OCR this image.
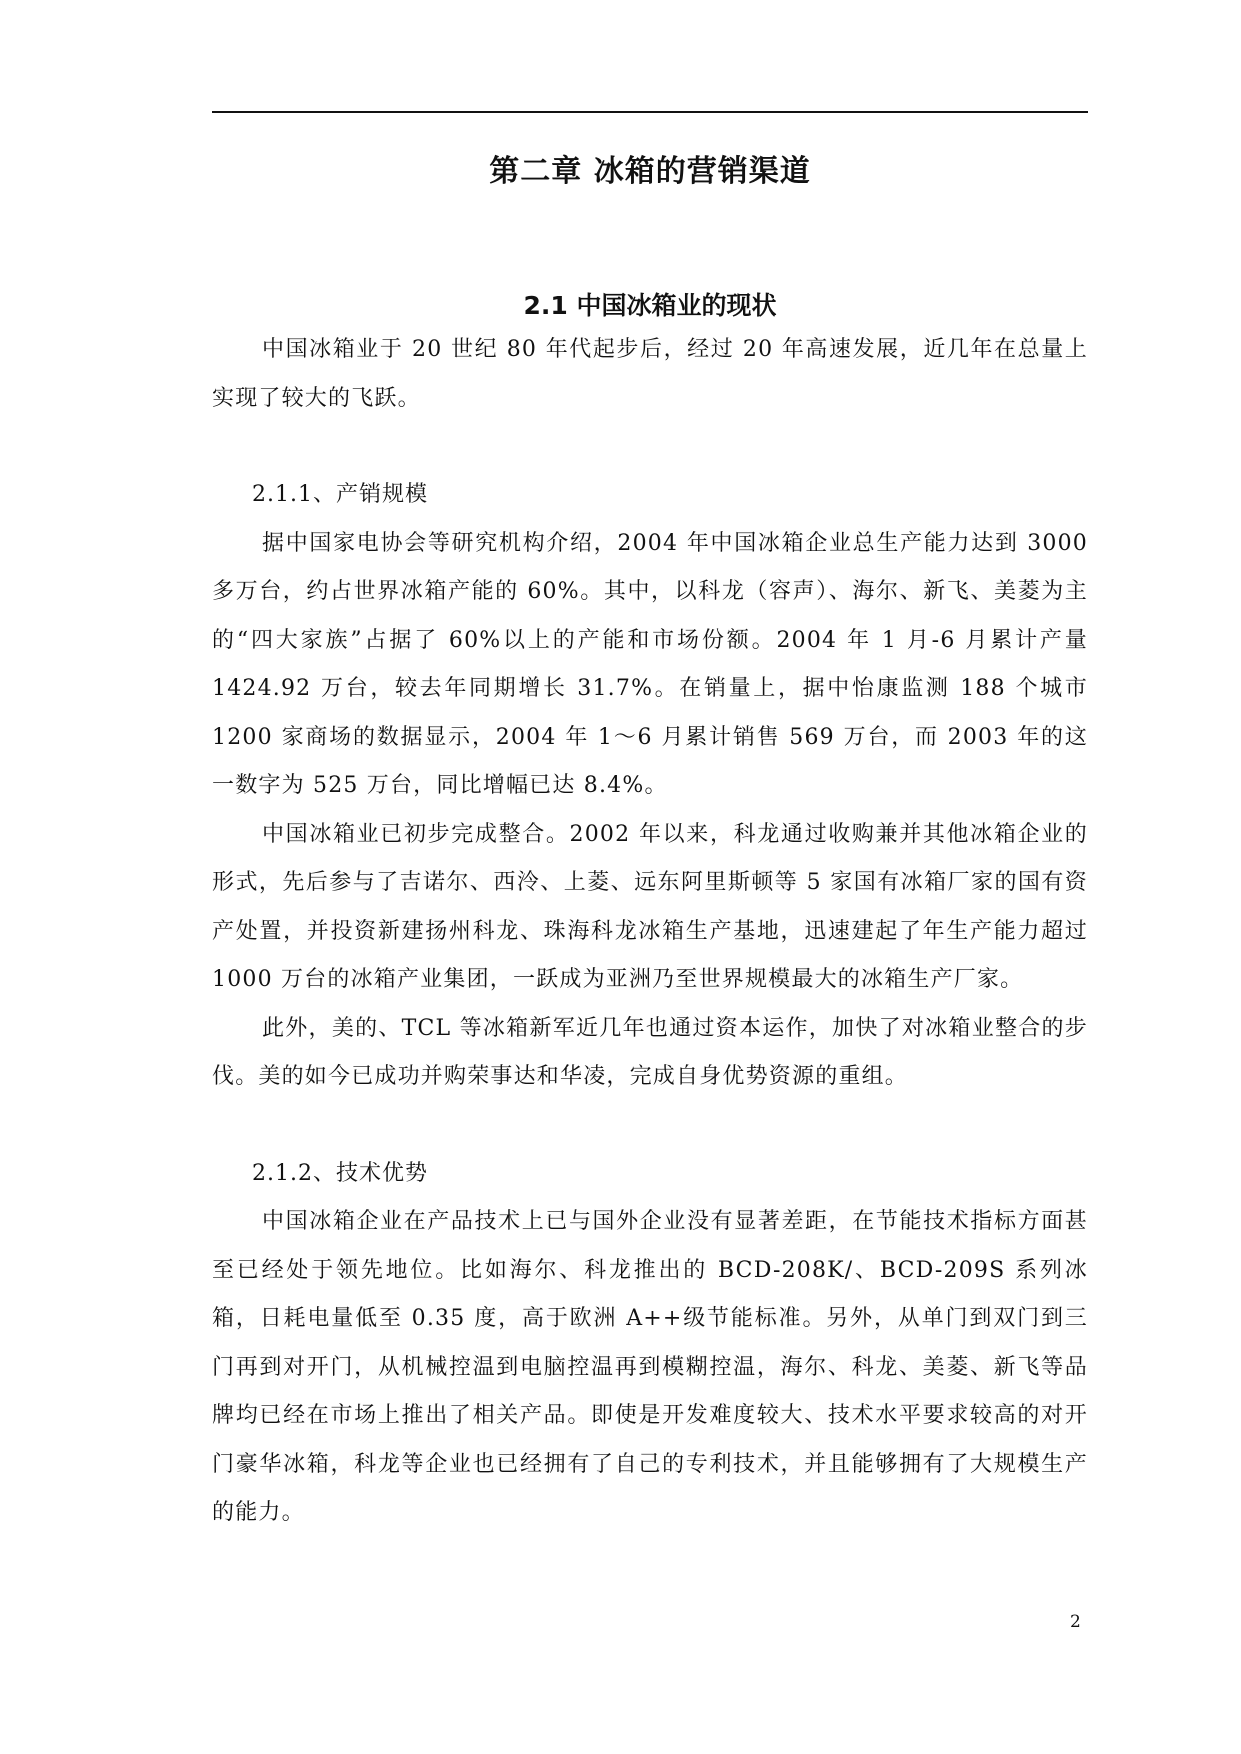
第二章 冰箱的营销渠道
2.1 中国冰箱业的现状

中国冰箱业于 20 世纪 80 年代起步后，经过 20 年高速发展，近几年在总量上实现了较大的飞跃。

2.1.1、产销规模

据中国家电协会等研究机构介绍，2004 年中国冰箱企业总生产能力达到 3000 多万台，约占世界冰箱产能的 60%。其中，以科龙（容声）、海尔、新飞、美菱为主的“四大家族”占据了 60%以上的产能和市场份额。2004 年 1 月-6 月累计产量 1424.92 万台，较去年同期增长 31.7%。在销量上，据中怡康监测 188 个城市 1200 家商场的数据显示，2004 年 1～6 月累计销售 569 万台，而 2003 年的这一数字为 525 万台，同比增幅已达 8.4%。

中国冰箱业已初步完成整合。2002 年以来，科龙通过收购兼并其他冰箱企业的形式，先后参与了吉诺尔、西泠、上菱、远东阿里斯顿等 5 家国有冰箱厂家的国有资产处置，并投资新建扬州科龙、珠海科龙冰箱生产基地，迅速建起了年生产能力超过 1000 万台的冰箱产业集团，一跃成为亚洲乃至世界规模最大的冰箱生产厂家。

此外，美的、TCL 等冰箱新军近几年也通过资本运作，加快了对冰箱业整合的步伐。美的如今已成功并购荣事达和华凌，完成自身优势资源的重组。

2.1.2、技术优势

中国冰箱企业在产品技术上已与国外企业没有显著差距，在节能技术指标方面甚至已经处于领先地位。比如海尔、科龙推出的 BCD-208K/、BCD-209S 系列冰箱，日耗电量低至 0.35 度，高于欧洲 A++级节能标准。另外，从单门到双门到三门再到对开门，从机械控温到电脑控温再到模糊控温，海尔、科龙、美菱、新飞等品牌均已经在市场上推出了相关产品。即使是开发难度较大、技术水平要求较高的对开门豪华冰箱，科龙等企业也已经拥有了自己的专利技术，并且能够拥有了大规模生产的能力。

2
